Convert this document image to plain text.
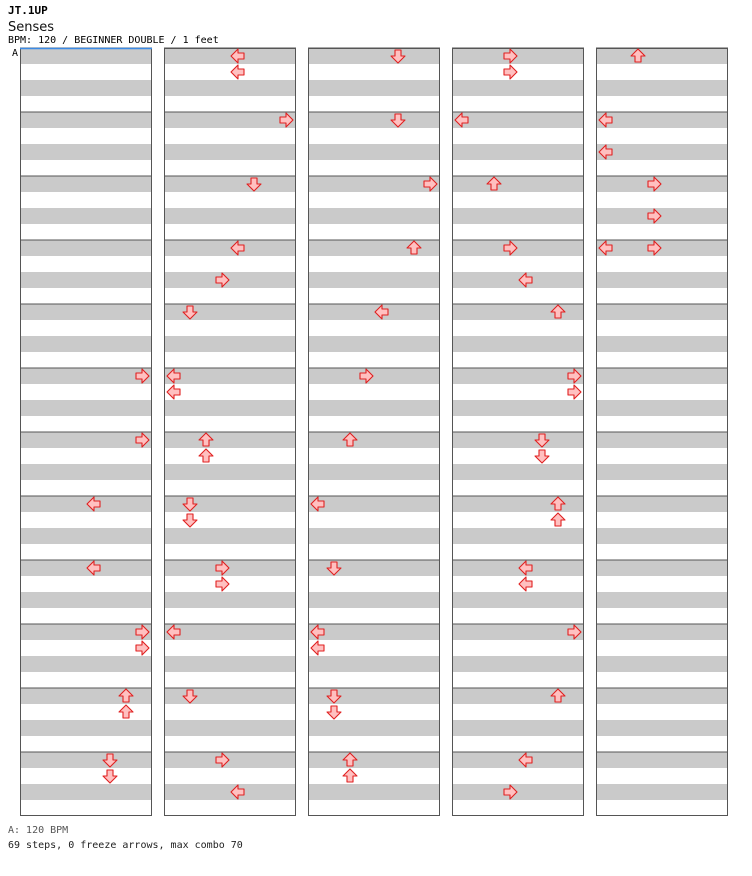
JT.1UP
Senses
BPM: 120 / BEGINNER DOUBLE / 1 feet
A
A: 120 BPM
69 steps, 0 freeze arrows, max combo 70
